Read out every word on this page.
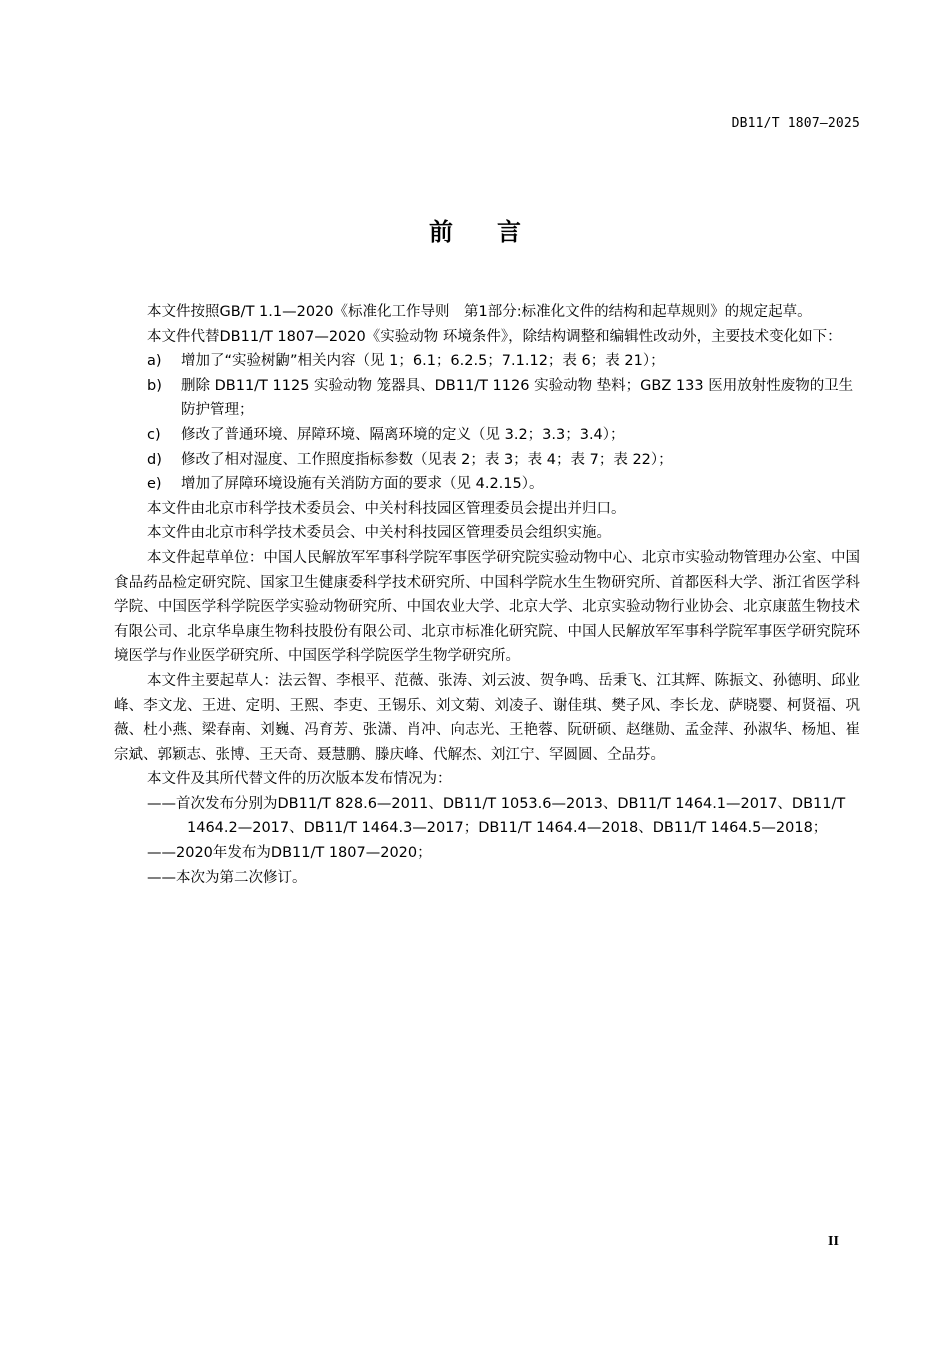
DB11/T 1807—2025
前言

本文件按照GB/T 1.1—2020《标准化工作导则　第1部分:标准化文件的结构和起草规则》的规定起草。

本文件代替DB11/T 1807—2020《实验动物 环境条件》，除结构调整和编辑性改动外，主要技术变化如下：

a) 增加了“实验树鼩”相关内容（见 1；6.1；6.2.5；7.1.12；表 6；表 21）；

b) 删除 DB11/T 1125 实验动物 笼器具、DB11/T 1126 实验动物 垫料；GBZ 133 医用放射性废物的卫生防护管理；

c) 修改了普通环境、屏障环境、隔离环境的定义（见 3.2；3.3；3.4）；

d) 修改了相对湿度、工作照度指标参数（见表 2；表 3；表 4；表 7；表 22）；

e) 增加了屏障环境设施有关消防方面的要求（见 4.2.15）。

本文件由北京市科学技术委员会、中关村科技园区管理委员会提出并归口。

本文件由北京市科学技术委员会、中关村科技园区管理委员会组织实施。

本文件起草单位：中国人民解放军军事科学院军事医学研究院实验动物中心、北京市实验动物管理办公室、中国食品药品检定研究院、国家卫生健康委科学技术研究所、中国科学院水生生物研究所、首都医科大学、浙江省医学科学院、中国医学科学院医学实验动物研究所、中国农业大学、北京大学、北京实验动物行业协会、北京康蓝生物技术有限公司、北京华阜康生物科技股份有限公司、北京市标准化研究院、中国人民解放军军事科学院军事医学研究院环境医学与作业医学研究所、中国医学科学院医学生物学研究所。

本文件主要起草人：法云智、李根平、范薇、张涛、刘云波、贺争鸣、岳秉飞、江其辉、陈振文、孙德明、邱业峰、李文龙、王进、定明、王熙、李吏、王锡乐、刘文菊、刘凌子、谢佳琪、樊子风、李长龙、萨晓婴、柯贤福、巩薇、杜小燕、梁春南、刘巍、冯育芳、张潇、肖冲、向志光、王艳蓉、阮研硕、赵继勋、孟金萍、孙淑华、杨旭、崔宗斌、郭颖志、张博、王天奇、聂慧鹏、滕庆峰、代解杰、刘江宁、罕圆圆、仝品芬。

本文件及其所代替文件的历次版本发布情况为：

——首次发布分别为DB11/T 828.6—2011、DB11/T 1053.6—2013、DB11/T 1464.1—2017、DB11/T 1464.2—2017、DB11/T 1464.3—2017；DB11/T 1464.4—2018、DB11/T 1464.5—2018；

——2020年发布为DB11/T 1807—2020；

——本次为第二次修订。

II
